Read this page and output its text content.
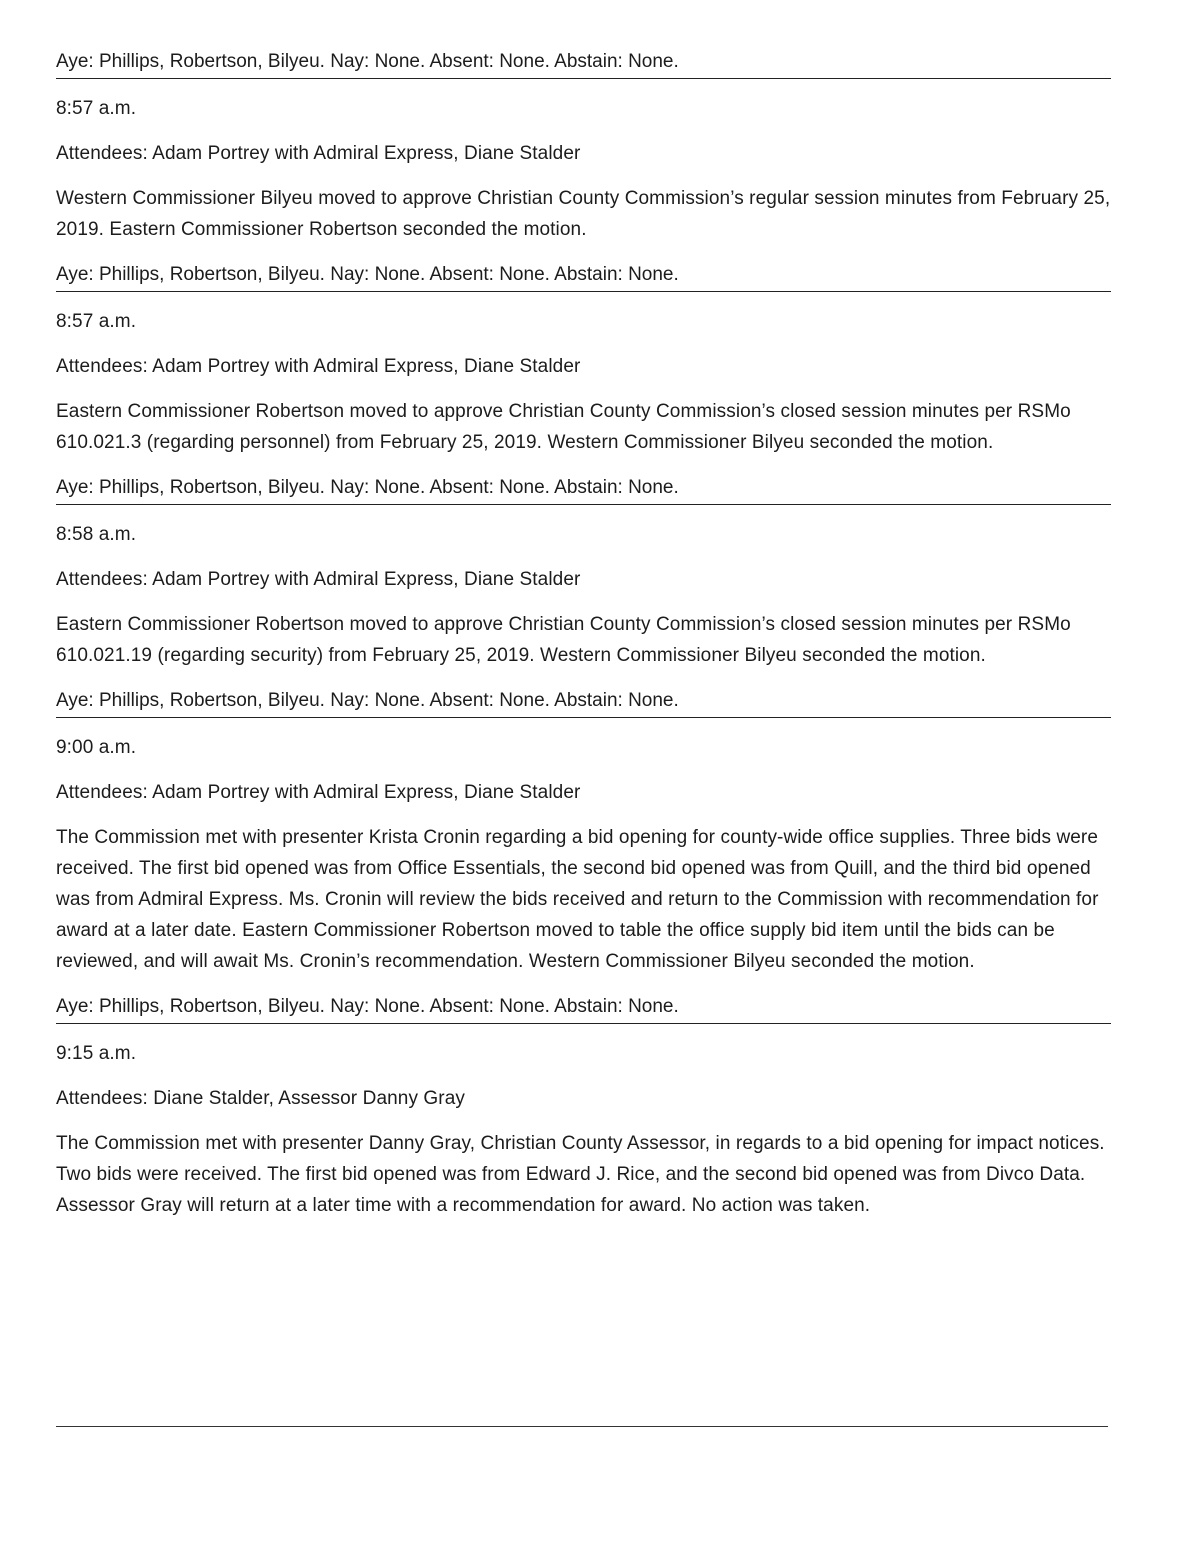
Aye: Phillips, Robertson, Bilyeu. Nay: None. Absent: None. Abstain: None.

8:57 a.m.

Attendees: Adam Portrey with Admiral Express, Diane Stalder

Western Commissioner Bilyeu moved to approve Christian County Commission’s regular session minutes from February 25, 2019. Eastern Commissioner Robertson seconded the motion.

Aye: Phillips, Robertson, Bilyeu. Nay: None. Absent: None. Abstain: None.

8:57 a.m.

Attendees: Adam Portrey with Admiral Express, Diane Stalder

Eastern Commissioner Robertson moved to approve Christian County Commission’s closed session minutes per RSMo 610.021.3 (regarding personnel) from February 25, 2019. Western Commissioner Bilyeu seconded the motion.

Aye: Phillips, Robertson, Bilyeu. Nay: None. Absent: None. Abstain: None.

8:58 a.m.

Attendees: Adam Portrey with Admiral Express, Diane Stalder

Eastern Commissioner Robertson moved to approve Christian County Commission’s closed session minutes per RSMo 610.021.19 (regarding security) from February 25, 2019. Western Commissioner Bilyeu seconded the motion.

Aye: Phillips, Robertson, Bilyeu. Nay: None. Absent: None. Abstain: None.

9:00 a.m.

Attendees: Adam Portrey with Admiral Express, Diane Stalder

The Commission met with presenter Krista Cronin regarding a bid opening for county-wide office supplies. Three bids were received. The first bid opened was from Office Essentials, the second bid opened was from Quill, and the third bid opened was from Admiral Express. Ms. Cronin will review the bids received and return to the Commission with recommendation for award at a later date. Eastern Commissioner Robertson moved to table the office supply bid item until the bids can be reviewed, and will await Ms. Cronin’s recommendation. Western Commissioner Bilyeu seconded the motion.

Aye: Phillips, Robertson, Bilyeu. Nay: None. Absent: None. Abstain: None.

9:15 a.m.

Attendees: Diane Stalder, Assessor Danny Gray

The Commission met with presenter Danny Gray, Christian County Assessor, in regards to a bid opening for impact notices. Two bids were received. The first bid opened was from Edward J. Rice, and the second bid opened was from Divco Data. Assessor Gray will return at a later time with a recommendation for award. No action was taken.
